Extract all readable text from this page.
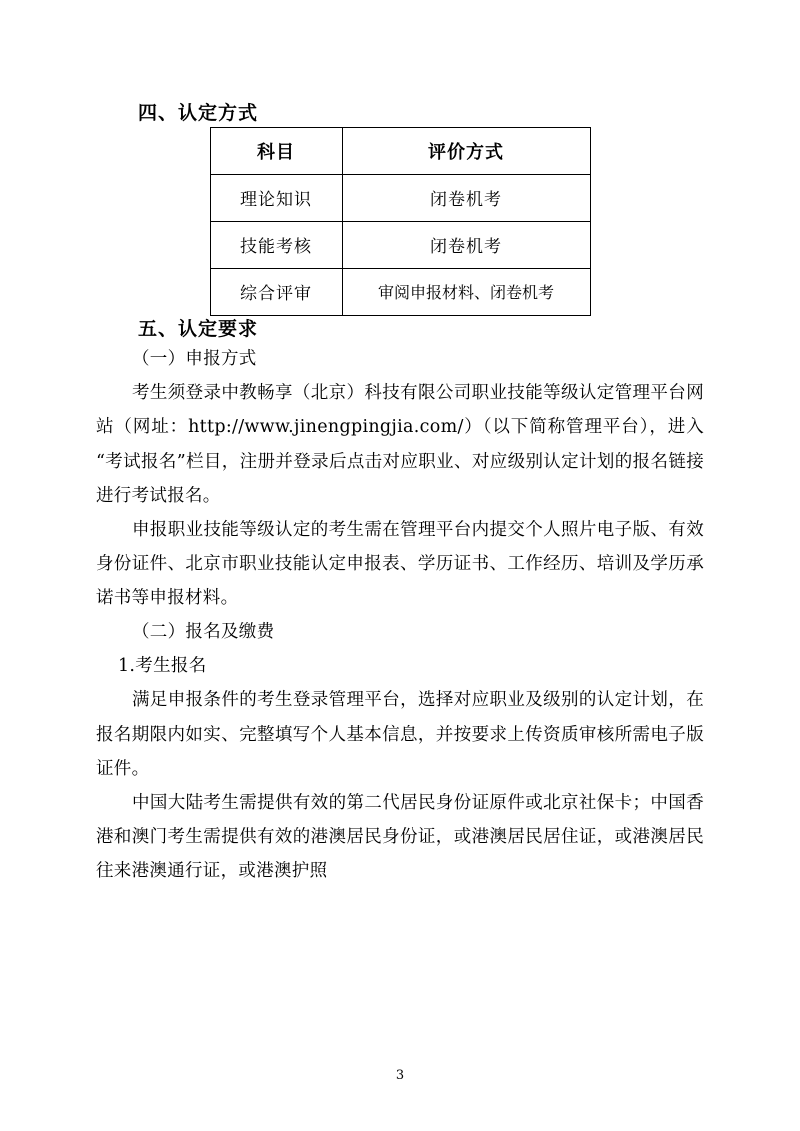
四、认定方式
科目	评价方式
理论知识	闭卷机考
技能考核	闭卷机考
综合评审	审阅申报材料、闭卷机考
五、认定要求

（一）申报方式

考生须登录中教畅享（北京）科技有限公司职业技能等级认定管理平台网站（网址：http://www.jinengpingjia.com/）（以下简称管理平台），进入“考试报名”栏目，注册并登录后点击对应职业、对应级别认定计划的报名链接进行考试报名。

申报职业技能等级认定的考生需在管理平台内提交个人照片电子版、有效身份证件、北京市职业技能认定申报表、学历证书、工作经历、培训及学历承诺书等申报材料。

（二）报名及缴费

1.考生报名

满足申报条件的考生登录管理平台，选择对应职业及级别的认定计划，在报名期限内如实、完整填写个人基本信息，并按要求上传资质审核所需电子版证件。

中国大陆考生需提供有效的第二代居民身份证原件或北京社保卡；中国香港和澳门考生需提供有效的港澳居民身份证，或港澳居民居住证，或港澳居民往来港澳通行证，或港澳护照

3
